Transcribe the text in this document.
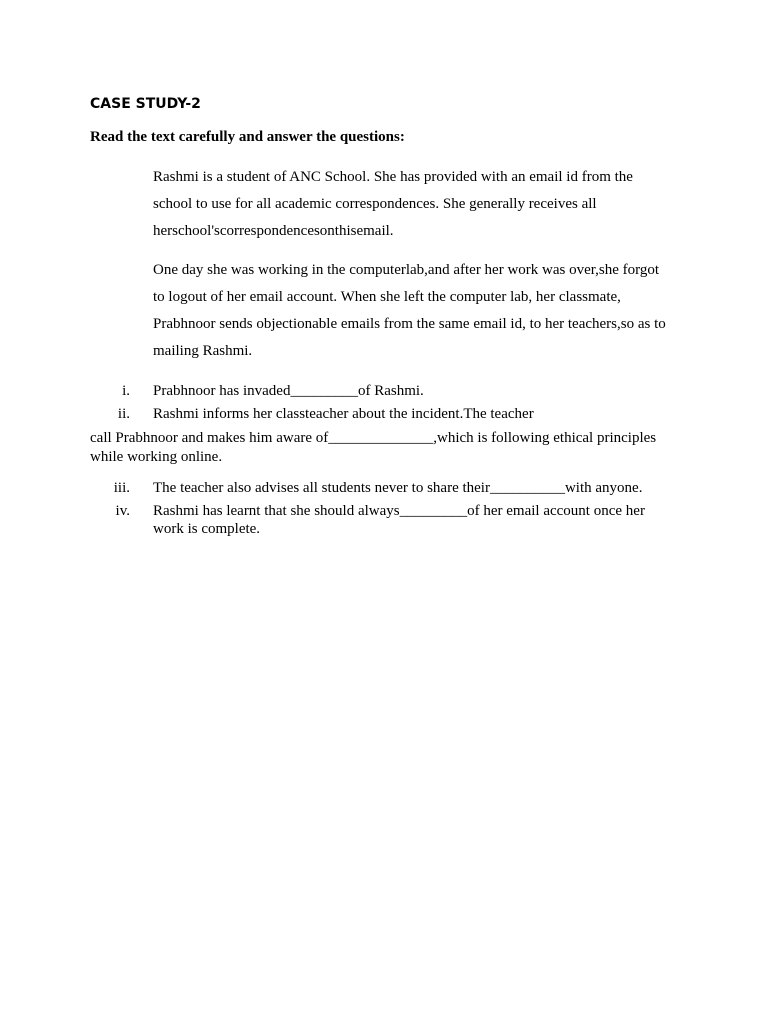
CASE STUDY-2
Read the text carefully and answer the questions:
Rashmi is a student of ANC School. She has provided with an email id from the
school to use for all academic correspondences. She generally receives all
herschool'scorrespondencesonthisemail.
One day she was working in the computerlab,and after her work was over,she forgot
to logout of her email account. When she left the computer lab, her classmate,
Prabhnoor sends objectionable emails from the same email id, to her teachers,so as to
mailing Rashmi.
i. Prabhnoor has invaded_________of Rashmi.
ii. Rashmi informs her classteacher about the incident.The teacher
call Prabhnoor and makes him aware of______________,which is following ethical principles
while working online.
iii. The teacher also advises all students never to share their__________with anyone.
iv. Rashmi has learnt that she should always_________of her email account once her
work is complete.
